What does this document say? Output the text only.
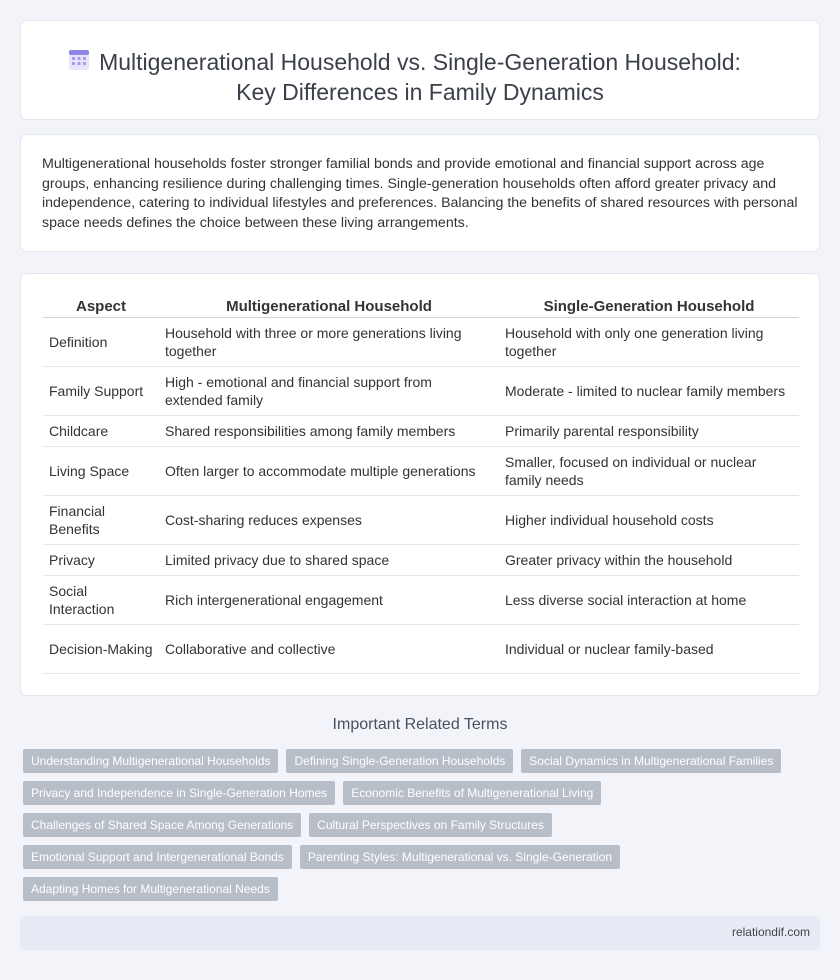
Multigenerational Household vs. Single-Generation Household:
Key Differences in Family Dynamics

Multigenerational households foster stronger familial bonds and provide emotional and financial support across age groups, enhancing resilience during challenging times. Single-generation households often afford greater privacy and independence, catering to individual lifestyles and preferences. Balancing the benefits of shared resources with personal space needs defines the choice between these living arrangements.

Aspect	Multigenerational Household	Single-Generation Household
Definition	Household with three or more generations living together	Household with only one generation living together
Family Support	High - emotional and financial support from extended family	Moderate - limited to nuclear family members
Childcare	Shared responsibilities among family members	Primarily parental responsibility
Living Space	Often larger to accommodate multiple generations	Smaller, focused on individual or nuclear family needs
Financial Benefits	Cost-sharing reduces expenses	Higher individual household costs
Privacy	Limited privacy due to shared space	Greater privacy within the household
Social Interaction	Rich intergenerational engagement	Less diverse social interaction at home
Decision-Making	Collaborative and collective	Individual or nuclear family-based
Important Related Terms
Understanding Multigenerational Households	Defining Single-Generation Households	Social Dynamics in Multigenerational Families
Privacy and Independence in Single-Generation Homes	Economic Benefits of Multigenerational Living
Challenges of Shared Space Among Generations	Cultural Perspectives on Family Structures
Emotional Support and Intergenerational Bonds	Parenting Styles: Multigenerational vs. Single-Generation
Adapting Homes for Multigenerational Needs
relationdif.com
